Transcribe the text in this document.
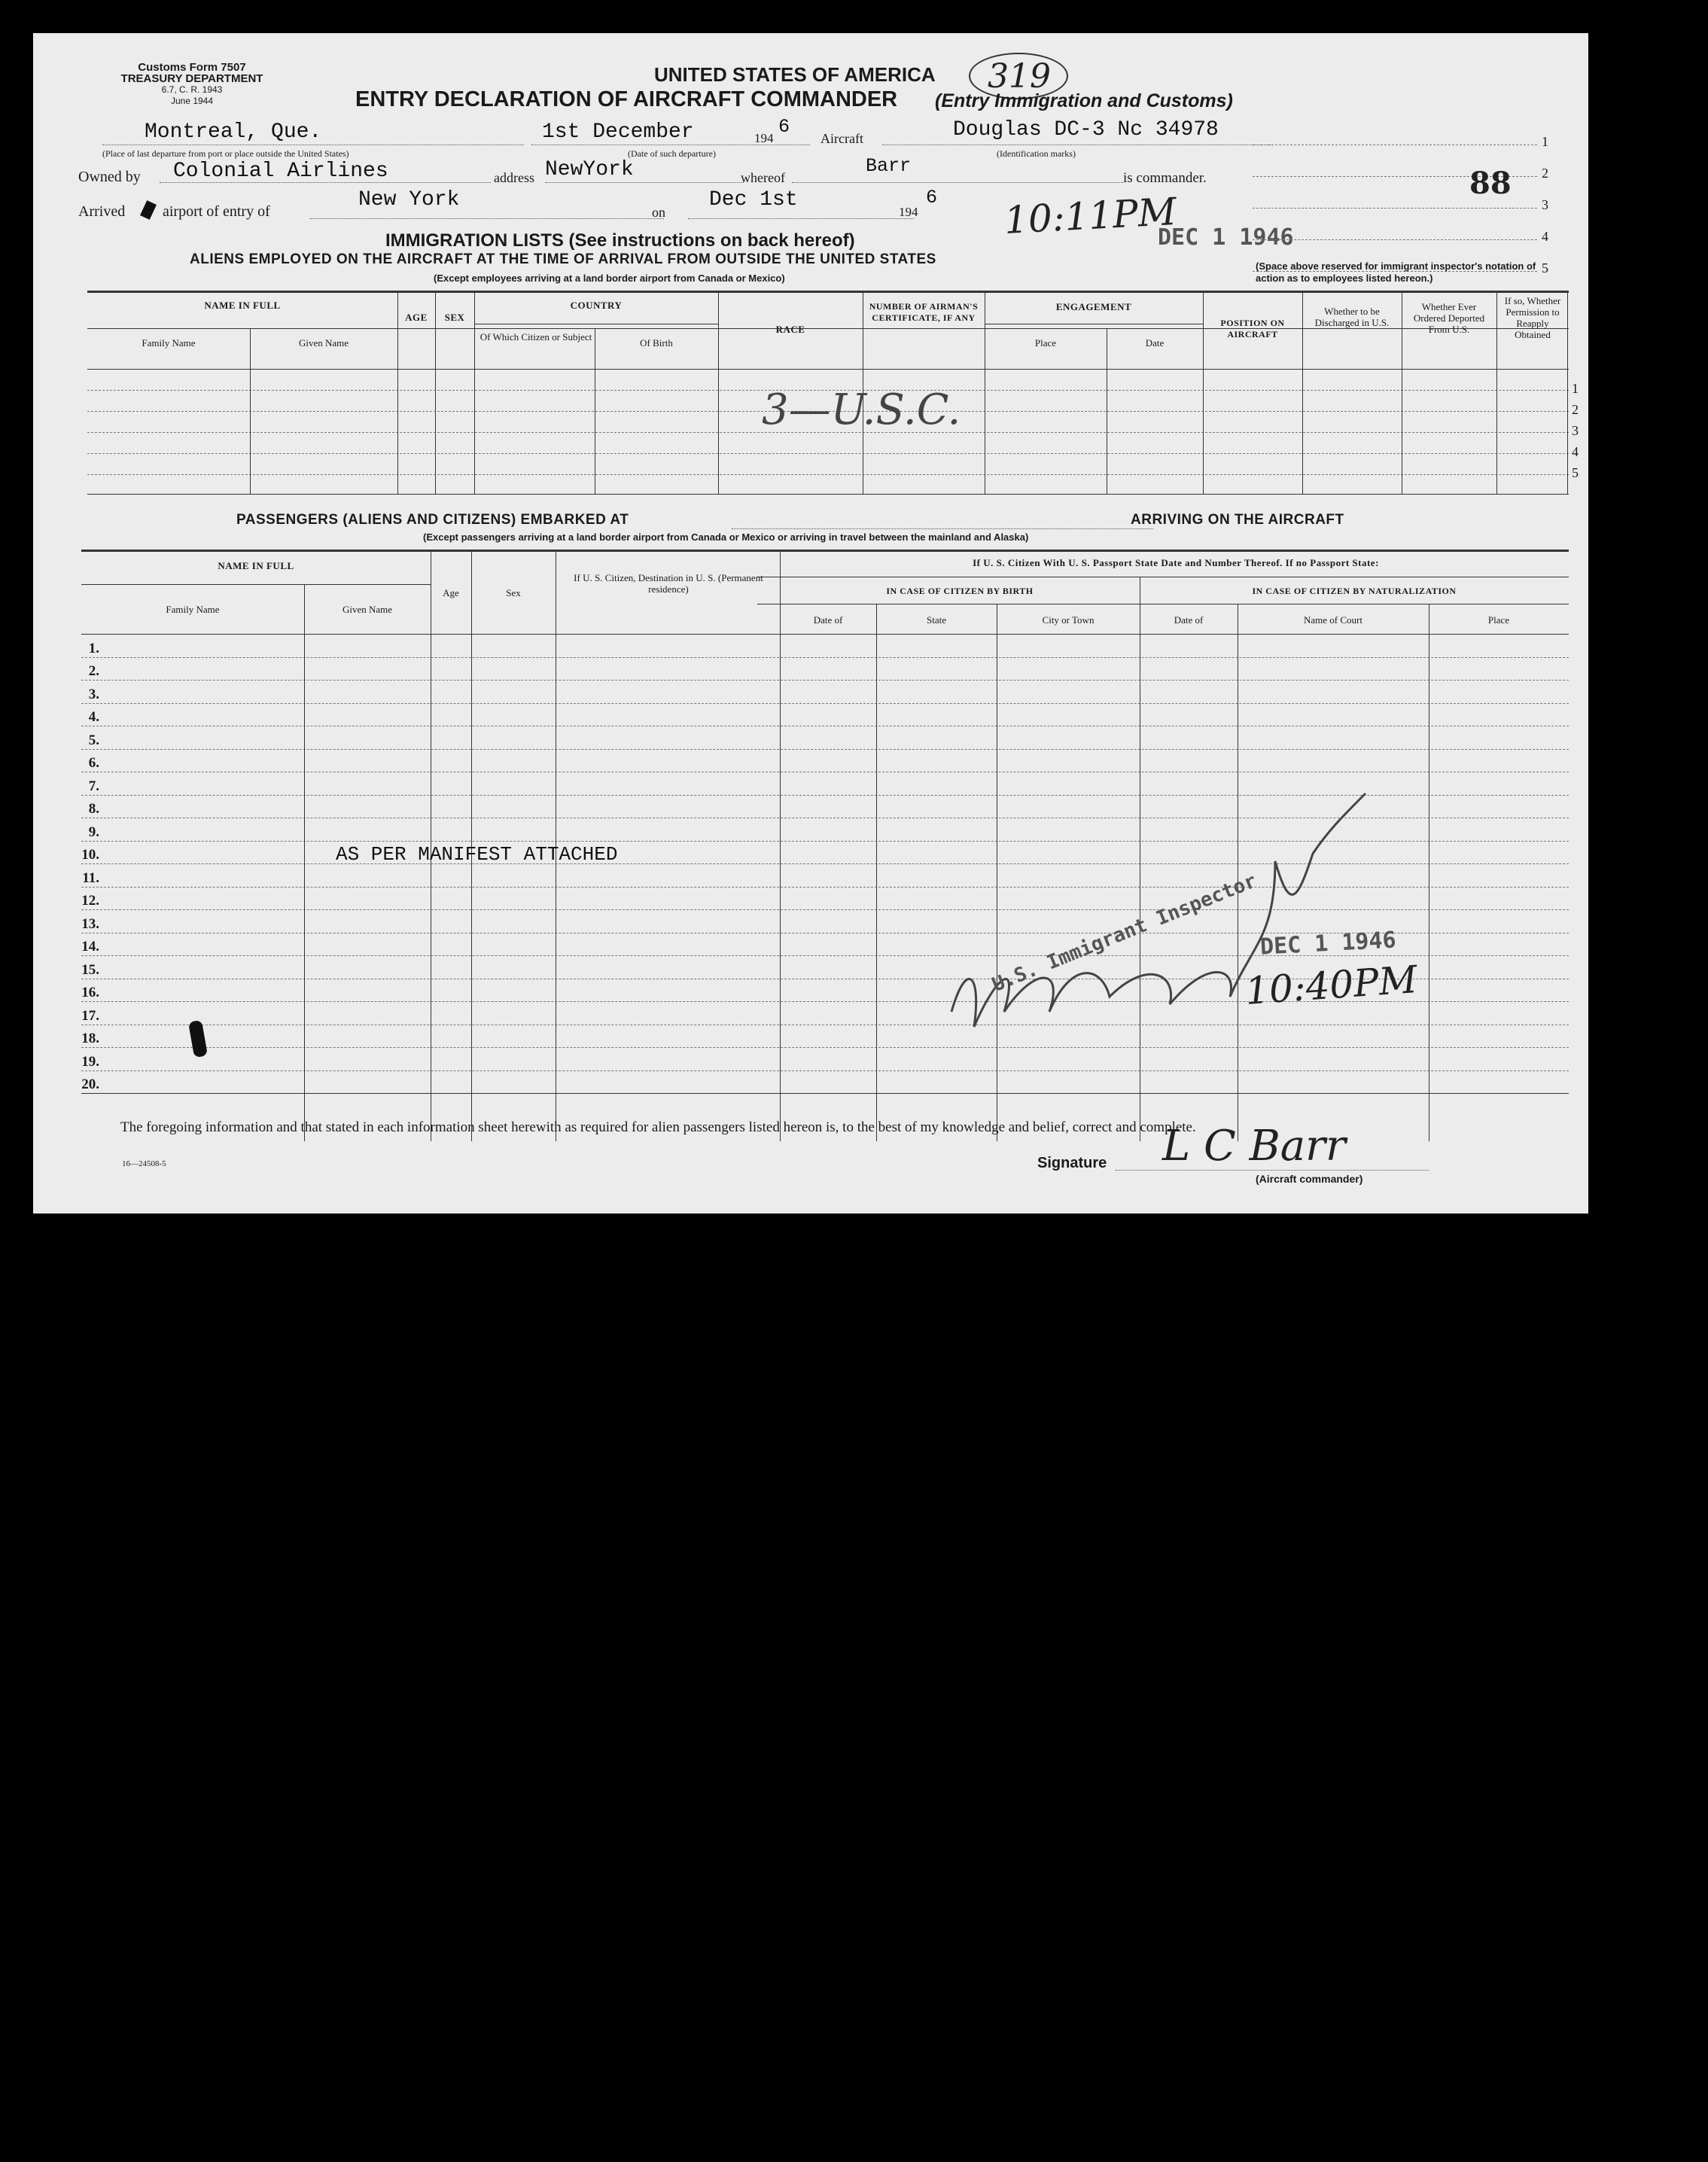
Customs Form 7507
TREASURY DEPARTMENT
6.7, C. R. 1943
June 1944
UNITED STATES OF AMERICA 319
ENTRY DECLARATION OF AIRCRAFT COMMANDER (Entry Immigration and Customs)
Montreal, Que.
(Place of last departure from port or place outside the United States)
1st December	6
194
(Date of such departure)
Aircraft	Douglas DC-3 Nc 34978
(Identification marks)
Owned by Colonial Airlines	address NewYork	whereof
Barr
is commander.
Arrived airport of entry of	New York
on
Dec 1st
194
6 10:11PM
DEC 1 1946
1
2
3
4
5
88
(Space above reserved for immigrant inspector's notation of action as to employees listed hereon.)
IMMIGRATION LISTS (See instructions on back hereof)
ALIENS EMPLOYED ON THE AIRCRAFT AT THE TIME OF ARRIVAL FROM OUTSIDE THE UNITED STATES
(Except employees arriving at a land border airport from Canada or Mexico)
NAME IN FULL
Family Name	Given Name
AGE	SEX
COUNTRY
Of Which Citizen or Subject
Of Birth
RACE
NUMBER OF AIRMAN'S CERTIFICATE, IF ANY
ENGAGEMENT
Place	Date
POSITION ON AIRCRAFT
Whether to be Discharged in U.S.
Whether Ever Ordered Deported From U.S.
If so, Whether Permission to Reapply Obtained
1
2
3
4
5
3—U.S.C.
PASSENGERS (ALIENS AND CITIZENS) EMBARKED AT	ARRIVING ON THE AIRCRAFT
(Except passengers arriving at a land border airport from Canada or Mexico or arriving in travel between the mainland and Alaska)
1.
2.
3.
4.
5.
6.
7.
8.
9.
10.
11.
12.
13.
14.
15.
16.
17.
18.
19.
20.
NAME IN FULL
Family Name	Given Name
Age	Sex
If U. S. Citizen, Destination in U. S. (Permanent residence)
If U. S. Citizen With U. S. Passport State Date and Number Thereof. If no Passport State:
IN CASE OF CITIZEN BY BIRTH	IN CASE OF CITIZEN BY NATURALIZATION
Date of	State	City or Town	Date of	Name of Court	Place
AS PER MANIFEST ATTACHED
U.S. Immigrant Inspector DEC 1 1946
10:40PM
The foregoing information and that stated in each information sheet herewith as required for alien passengers listed hereon is, to the best of my knowledge and belief, correct and complete.
16—24508-5	Signature L C Barr
(Aircraft commander)
